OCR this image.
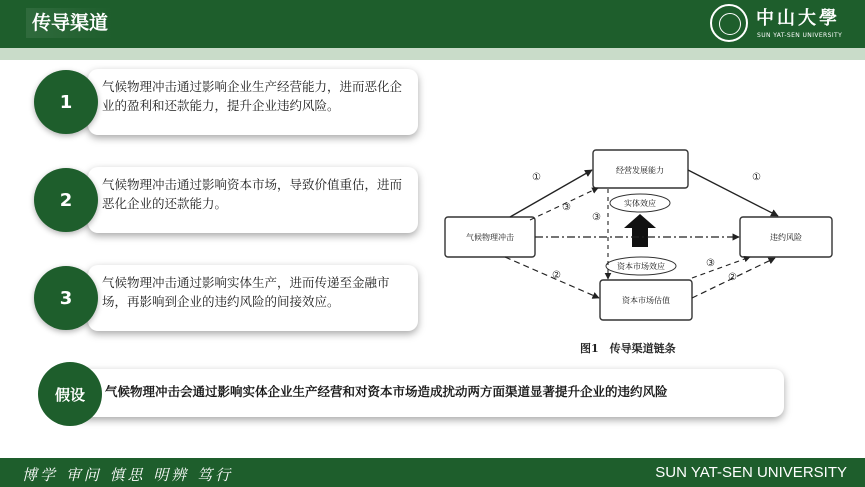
传导渠道	中山大學
SUN YAT-SEN UNIVERSITY
气候物理冲击通过影响企业生产经营能力，进而恶化企业的盈利和还款能力，提升企业违约风险。
1
气候物理冲击通过影响资本市场，导致价值重估，进而恶化企业的还款能力。
2
气候物理冲击通过影响实体生产，进而传递至金融市场，再影响到企业的违约风险的间接效应。
3
气候物理冲击
经营发展能力
违约风险
资本市场估值
实体效应
资本市场效应
①	①
③
③
③
②	②
图1　传导渠道链条
气候物理冲击会通过影响实体企业生产经营和对资本市场造成扰动两方面渠道显著提升企业的违约风险
假设
博学 审问 慎思 明辨 笃行	SUN YAT-SEN UNIVERSITY
